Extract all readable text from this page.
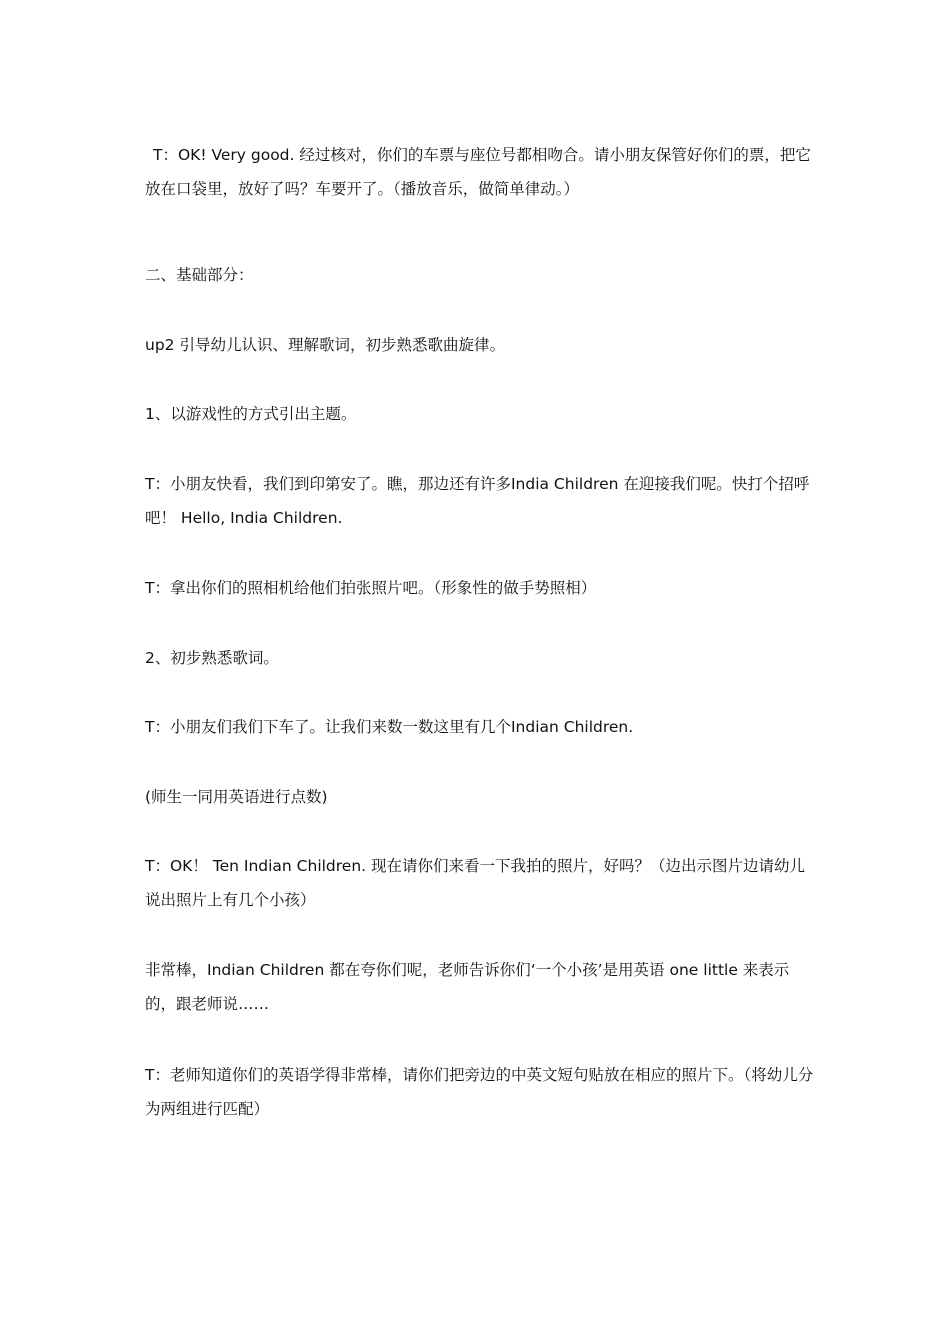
T：OK! Very good. 经过核对，你们的车票与座位号都相吻合。请小朋友保管好你们的票，把它放在口袋里，放好了吗？车要开了。（播放音乐，做简单律动。）

二、基础部分：

up2 引导幼儿认识、理解歌词，初步熟悉歌曲旋律。

1、以游戏性的方式引出主题。

T：小朋友快看，我们到印第安了。瞧，那边还有许多India Children 在迎接我们呢。快打个招呼吧！ Hello, India Children.

T：拿出你们的照相机给他们拍张照片吧。（形象性的做手势照相）

2、初步熟悉歌词。

T：小朋友们我们下车了。让我们来数一数这里有几个Indian Children.

(师生一同用英语进行点数)

T：OK！ Ten Indian Children. 现在请你们来看一下我拍的照片，好吗？（边出示图片边请幼儿说出照片上有几个小孩）

非常棒，Indian Children 都在夸你们呢，老师告诉你们‘一个小孩’是用英语 one little 来表示的，跟老师说……

T：老师知道你们的英语学得非常棒，请你们把旁边的中英文短句贴放在相应的照片下。（将幼儿分为两组进行匹配）
